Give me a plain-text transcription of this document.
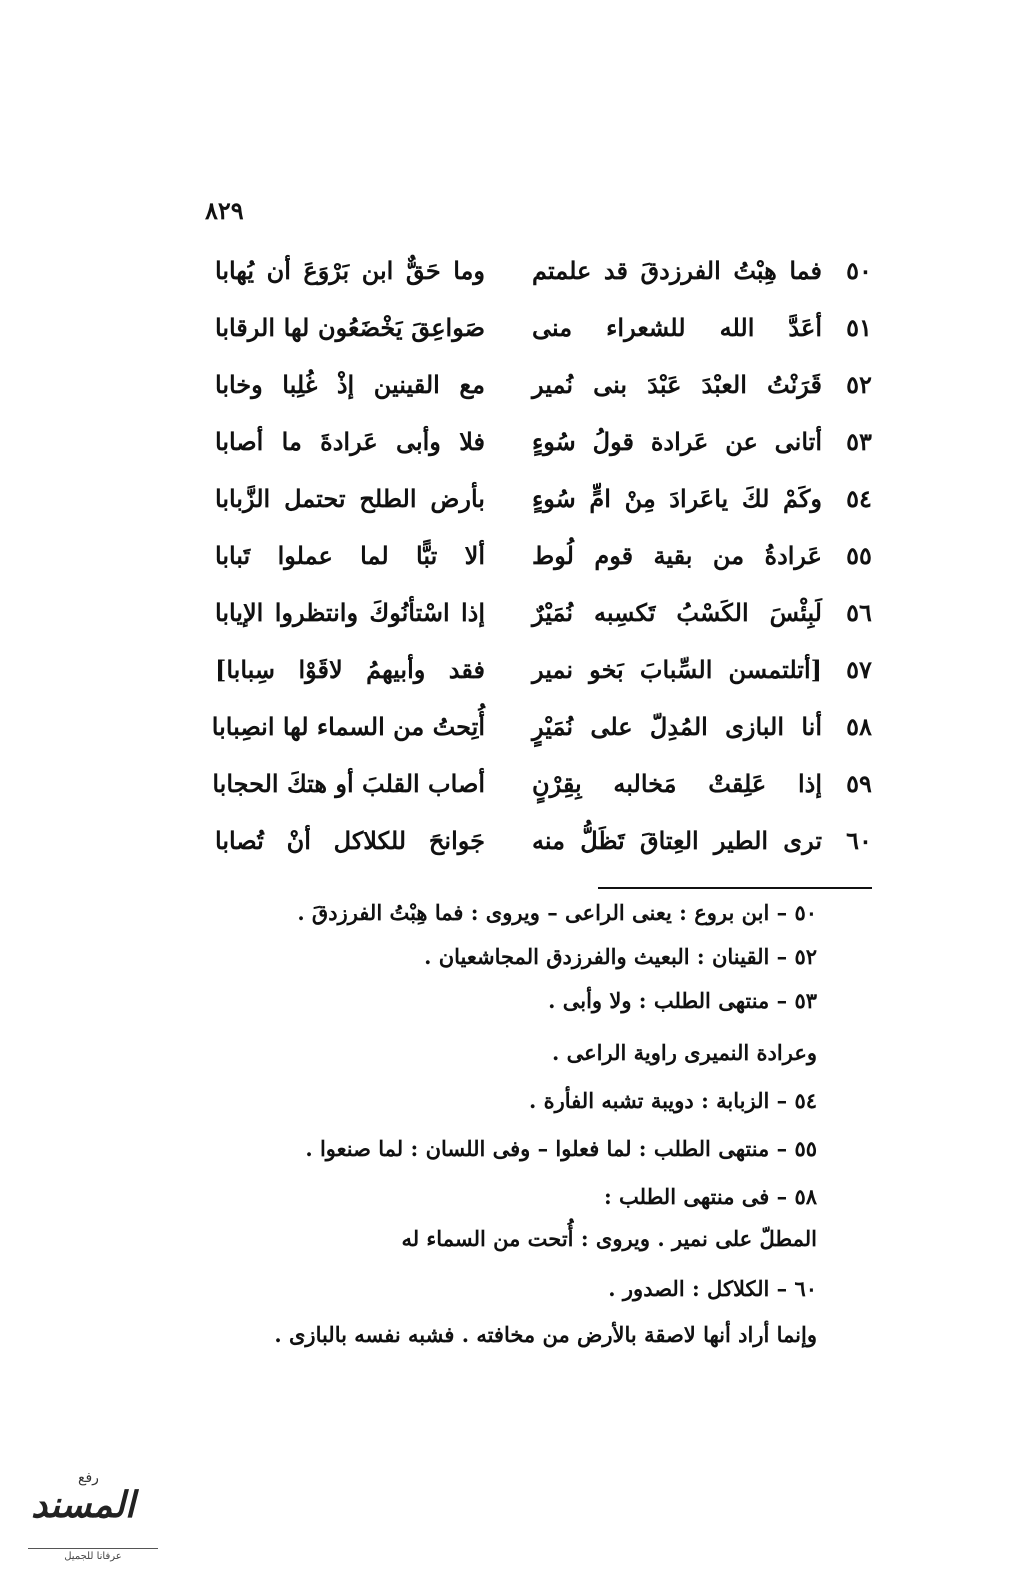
٨٢٩
٥٠
فما هِبْتُ الفرزدقَ قد علمتم
وما حَقٌّ ابن بَرْوَعَ أن يُهابا
٥١
أعَدَّ الله للشعراء منى
صَواعِقَ يَخْضَعُون لها الرقابا
٥٢
قَرَنْتُ العبْدَ عَبْدَ بنى نُمير
مع القينين إذْ غُلِبا وخابا
٥٣
أتانى عن عَرادة قولُ سُوءٍ
فلا وأبى عَرادةَ ما أصابا
٥٤
وكَمْ لكَ ياعَرادَ مِنْ امٍّ سُوءٍ
بأرض الطلح تحتمل الزَّبابا
٥٥
عَرادةُ من بقية قوم لُوط
ألا تبًّا لما عملوا تَبابا
٥٦
لَبِئْسَ الكَسْبُ تَكسِبه نُمَيْرٌ
إذا اسْتأنُوكَ وانتظروا الإيابا
٥٧
[أتلتمسن السِّبابَ بَخو نمير
فقد وأبيهمُ لاقَوْا سِبابا]
٥٨
أنا البازى المُدِلّ على نُمَيْرٍ
أُتِحتُ من السماء لها انصِبابا
٥٩
إذا عَلِقتْ مَخالبه بِقِرْنٍ
أصاب القلبَ أو هتكَ الحجابا
٦٠
ترى الطير العِتاقَ تَظَلُّ منه
جَوانحَ للكلاكل أنْ تُصابا
٥٠ – ابن بروع : يعنى الراعى – ويروى : فما هِبْتُ الفرزدقَ .
٥٢ – القينان : البعيث والفرزدق المجاشعيان .
٥٣ – منتهى الطلب : ولا وأبى .
وعرادة النميرى راوية الراعى .
٥٤ – الزبابة : دويبة تشبه الفأرة .
٥٥ – منتهى الطلب : لما فعلوا – وفى اللسان : لما صنعوا .
٥٨ – فى منتهى الطلب :
المطلّ على نمير . ويروى : أُتحت من السماء له
٦٠ – الكلاكل : الصدور .
وإنما أراد أنها لاصقة بالأرض من مخافته . فشبه نفسه بالبازى .
رفع
المسند
عرفانا للجميل
